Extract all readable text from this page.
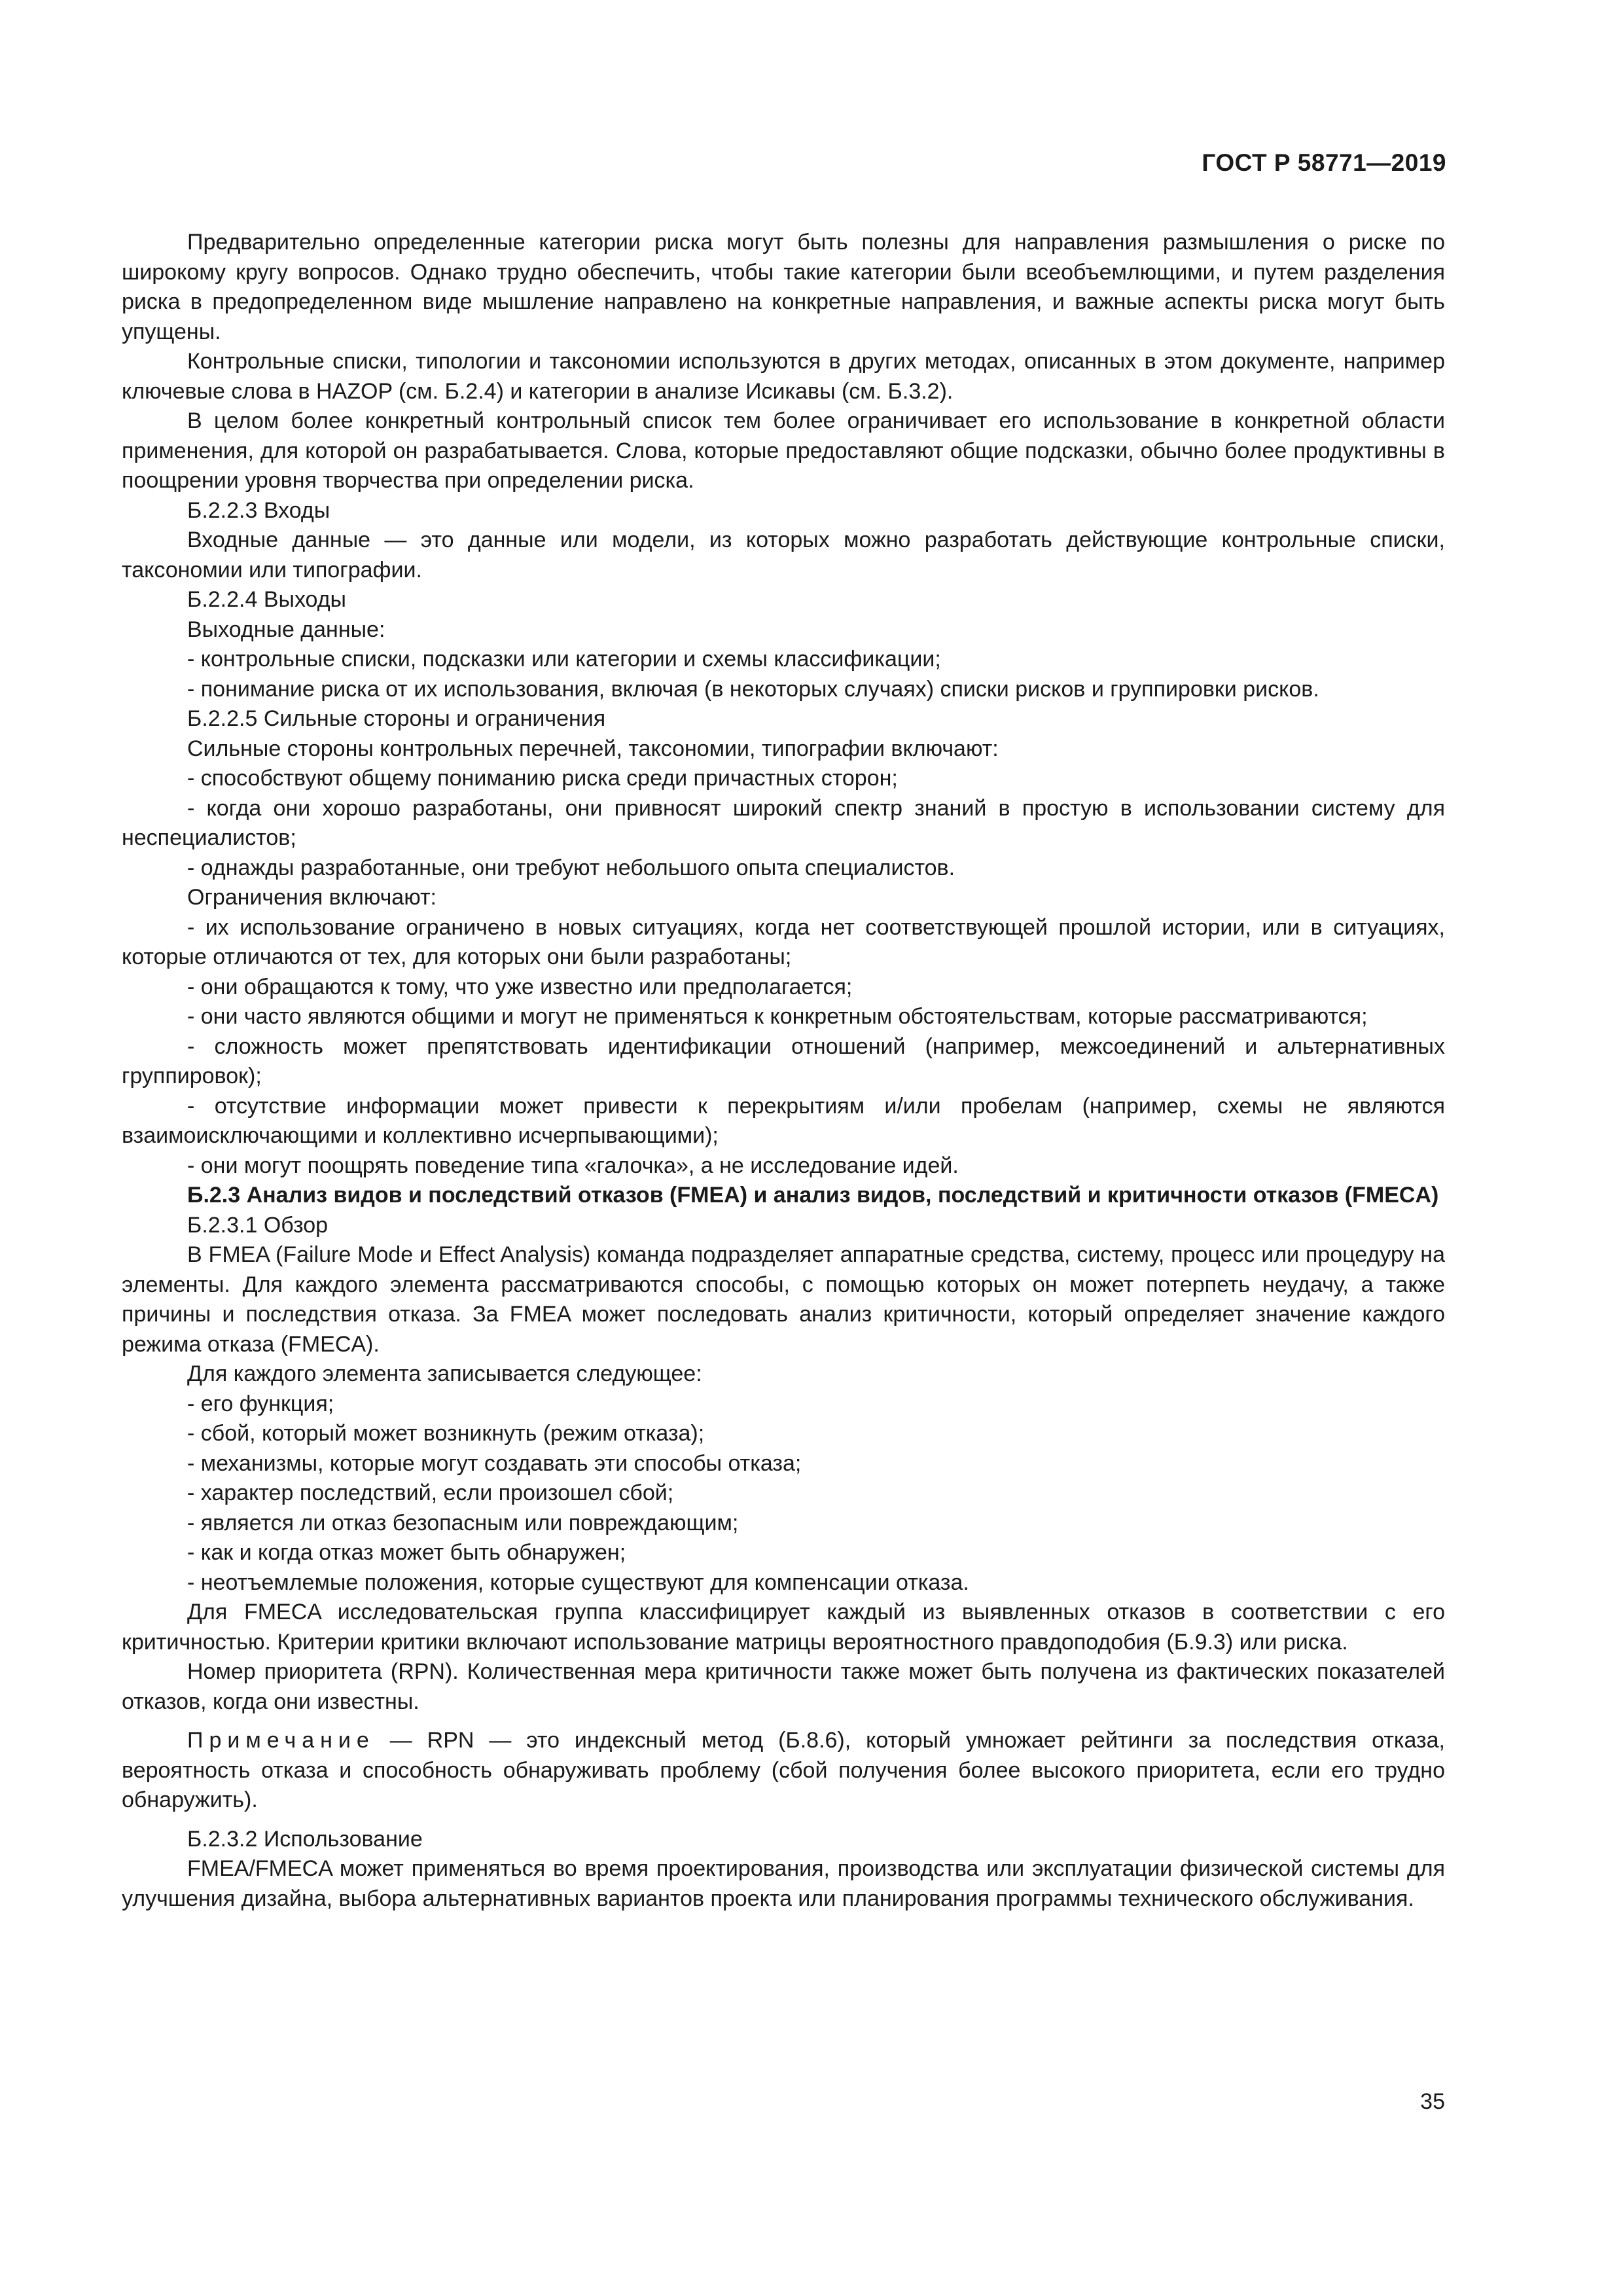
ГОСТ Р 58771—2019

Предварительно определенные категории риска могут быть полезны для направления размышления о риске по широкому кругу вопросов. Однако трудно обеспечить, чтобы такие категории были всеобъемлющими, и путем разделения риска в предопределенном виде мышление направлено на конкретные направления, и важные аспекты риска могут быть упущены.

Контрольные списки, типологии и таксономии используются в других методах, описанных в этом документе, например ключевые слова в HAZOP (см. Б.2.4) и категории в анализе Исикавы (см. Б.3.2).

В целом более конкретный контрольный список тем более ограничивает его использование в конкретной области применения, для которой он разрабатывается. Слова, которые предоставляют общие подсказки, обычно более продуктивны в поощрении уровня творчества при определении риска.

Б.2.2.3 Входы

Входные данные — это данные или модели, из которых можно разработать действующие контрольные списки, таксономии или типографии.

Б.2.2.4 Выходы

Выходные данные:

- контрольные списки, подсказки или категории и схемы классификации;

- понимание риска от их использования, включая (в некоторых случаях) списки рисков и группировки рисков.

Б.2.2.5 Сильные стороны и ограничения

Сильные стороны контрольных перечней, таксономии, типографии включают:

- способствуют общему пониманию риска среди причастных сторон;

- когда они хорошо разработаны, они привносят широкий спектр знаний в простую в использовании систему для неспециалистов;

- однажды разработанные, они требуют небольшого опыта специалистов.

Ограничения включают:

- их использование ограничено в новых ситуациях, когда нет соответствующей прошлой истории, или в ситуациях, которые отличаются от тех, для которых они были разработаны;

- они обращаются к тому, что уже известно или предполагается;

- они часто являются общими и могут не применяться к конкретным обстоятельствам, которые рассматриваются;

- сложность может препятствовать идентификации отношений (например, межсоединений и альтернативных группировок);

- отсутствие информации может привести к перекрытиям и/или пробелам (например, схемы не являются взаимоисключающими и коллективно исчерпывающими);

- они могут поощрять поведение типа «галочка», а не исследование идей.

Б.2.3 Анализ видов и последствий отказов (FMEA) и анализ видов, последствий и критичности отказов (FMECA)

Б.2.3.1 Обзор

В FMEA (Failure Mode и Effect Analysis) команда подразделяет аппаратные средства, систему, процесс или процедуру на элементы. Для каждого элемента рассматриваются способы, с помощью которых он может потерпеть неудачу, а также причины и последствия отказа. За FMEA может последовать анализ критичности, который определяет значение каждого режима отказа (FMECA).

Для каждого элемента записывается следующее:

- его функция;

- сбой, который может возникнуть (режим отказа);

- механизмы, которые могут создавать эти способы отказа;

- характер последствий, если произошел сбой;

- является ли отказ безопасным или повреждающим;

- как и когда отказ может быть обнаружен;

- неотъемлемые положения, которые существуют для компенсации отказа.

Для FMECA исследовательская группа классифицирует каждый из выявленных отказов в соответствии с его критичностью. Критерии критики включают использование матрицы вероятностного правдоподобия (Б.9.3) или риска.

Номер приоритета (RPN). Количественная мера критичности также может быть получена из фактических показателей отказов, когда они известны.

Примечание — RPN — это индексный метод (Б.8.6), который умножает рейтинги за последствия отказа, вероятность отказа и способность обнаруживать проблему (сбой получения более высокого приоритета, если его трудно обнаружить).

Б.2.3.2 Использование

FMEA/FMECA может применяться во время проектирования, производства или эксплуатации физической системы для улучшения дизайна, выбора альтернативных вариантов проекта или планирования программы технического обслуживания.

35
